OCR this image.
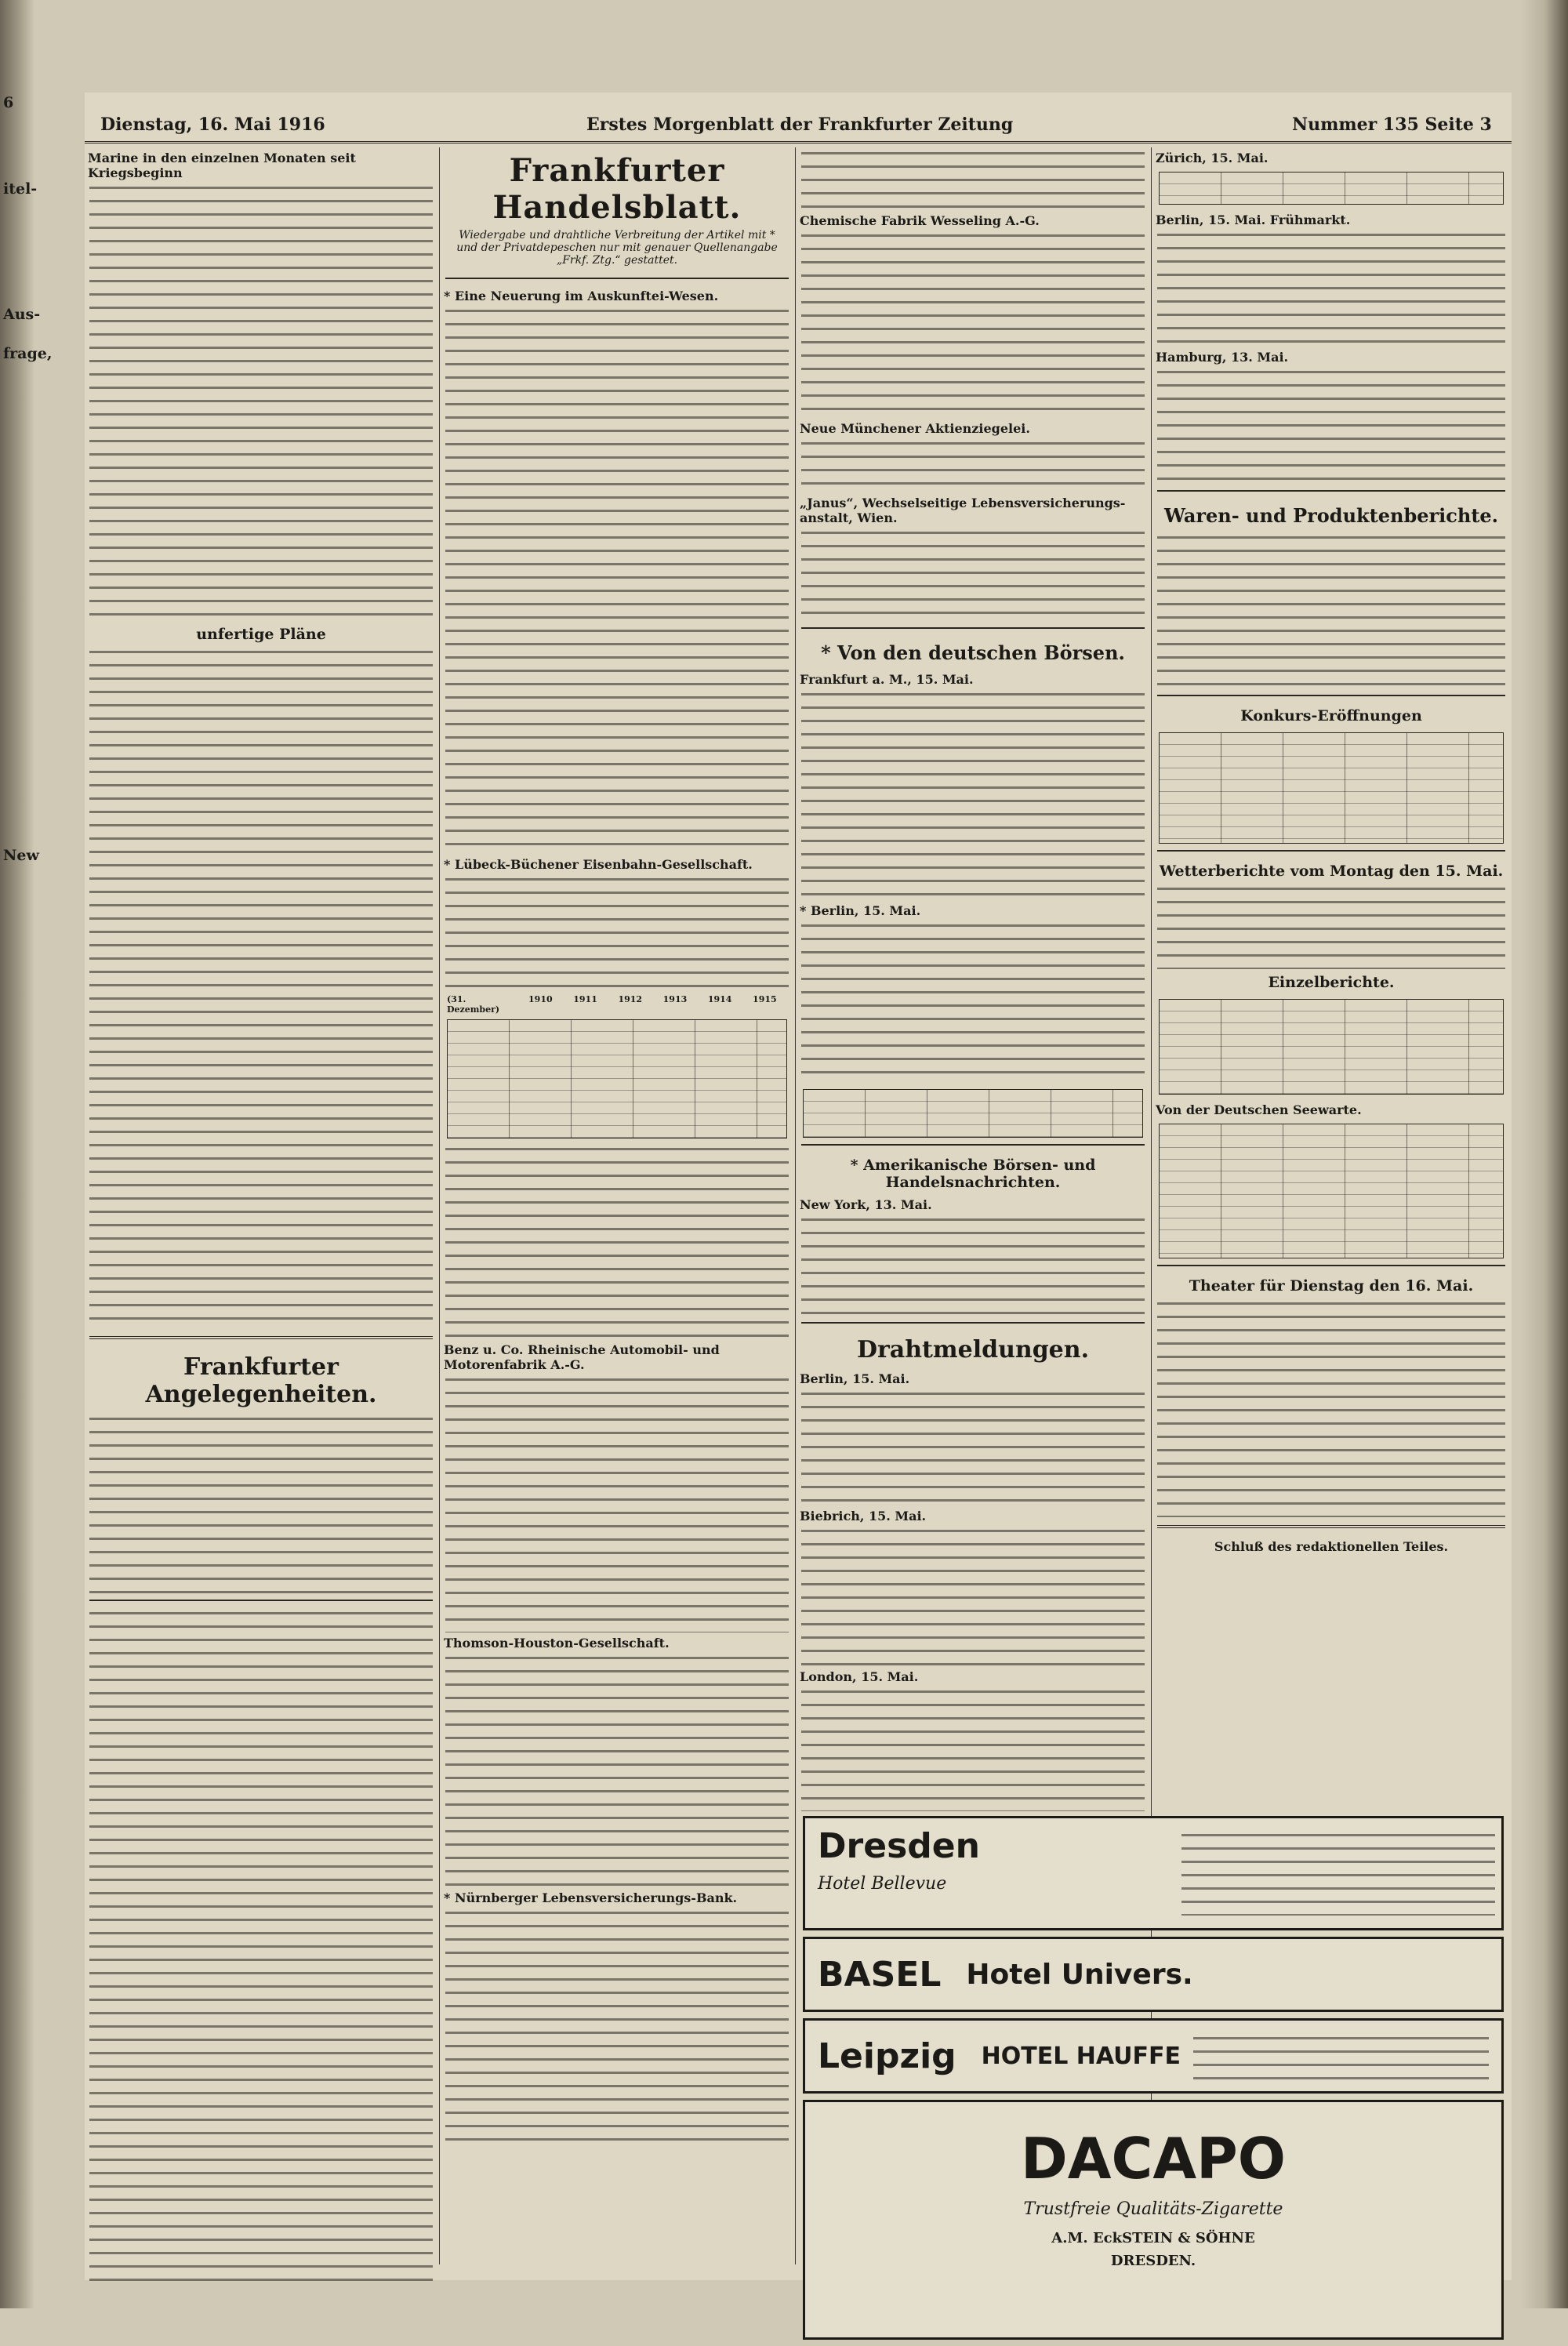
6
itel-
Aus-
frage,
New
Dienstag, 16. Mai 1916	Erstes Morgenblatt der Frankfurter Zeitung	Nummer 135 Seite 3
Marine in den einzelnen Monaten seit Kriegsbeginn
unfertige Pläne
Frankfurter Angelegenheiten.
Frankfurter Handelsblatt.
Wiedergabe und drahtliche Verbreitung der Artikel mit * und der Privatdepeschen nur mit genauer Quellenangabe „Frkf. Ztg.“ gestattet.
* Eine Neuerung im Auskunftei-Wesen.
* Lübeck-Büchener Eisenbahn-Gesellschaft.
(31. Dezember)
1910	1911	1912	1913	1914	1915
Benz u. Co. Rheinische Automobil- und Motorenfabrik A.-G.
Thomson-Houston-Gesellschaft.
* Nürnberger Lebensversicherungs-Bank.
Chemische Fabrik Wesseling A.-G.
Neue Münchener Aktienziegelei.
„Janus“, Wechselseitige Lebensversicherungs-anstalt, Wien.
* Von den deutschen Börsen.
Frankfurt a. M., 15. Mai.
* Berlin, 15. Mai.
* Amerikanische Börsen- und Handelsnachrichten.
New York, 13. Mai.
Drahtmeldungen.
Berlin, 15. Mai.
Biebrich, 15. Mai.
London, 15. Mai.
Zürich, 15. Mai.
Berlin, 15. Mai. Frühmarkt.
Hamburg, 13. Mai.
Waren- und Produktenberichte.
Konkurs-Eröffnungen
Wetterberichte vom Montag den 15. Mai.
Einzelberichte.
Von der Deutschen Seewarte.
Theater für Dienstag den 16. Mai.
Schluß des redaktionellen Teiles.
Dresden
Hotel Bellevue
BASEL Hotel Univers.
Leipzig	HOTEL HAUFFE
DACAPO
Trustfreie Qualitäts-Zigarette
A.M. EckSTEIN & SÖHNE
DRESDEN.
